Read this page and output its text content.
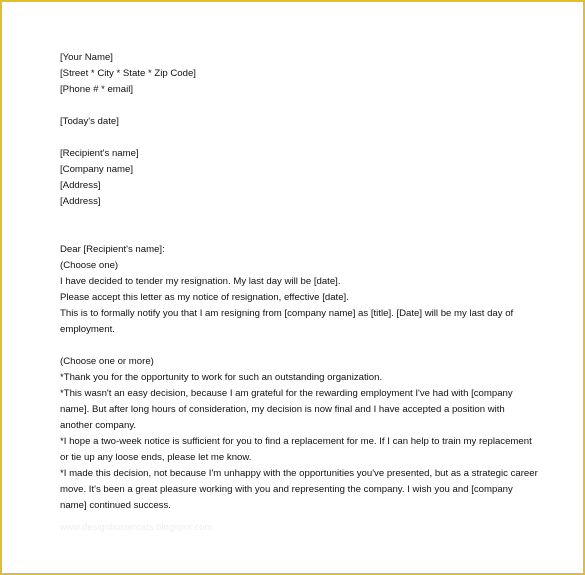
[Your Name]
[Street * City * State * Zip Code]
[Phone # * email]
[Today's date]
[Recipient's name]
[Company name]
[Address]
[Address]
Dear [Recipient's name]:
(Choose one)
I have decided to tender my resignation. My last day will be [date].
Please accept this letter as my notice of resignation, effective [date].
This is to formally notify you that I am resigning from [company name] as [title]. [Date] will be my last day of
employment.
(Choose one or more)
*Thank you for the opportunity to work for such an outstanding organization.
*This wasn't an easy decision, because I am grateful for the rewarding employment I've had with [company
name]. But after long hours of consideration, my decision is now final and I have accepted a position with
another company.
*I hope a two-week notice is sufficient for you to find a replacement for me. If I can help to train my replacement
or tie up any loose ends, please let me know.
*I made this decision, not because I'm unhappy with the opportunities you've presented, but as a strategic career
move. It's been a great pleasure working with you and representing the company. I wish you and [company
name] continued success.
www.designbustercats.blogspot.com
